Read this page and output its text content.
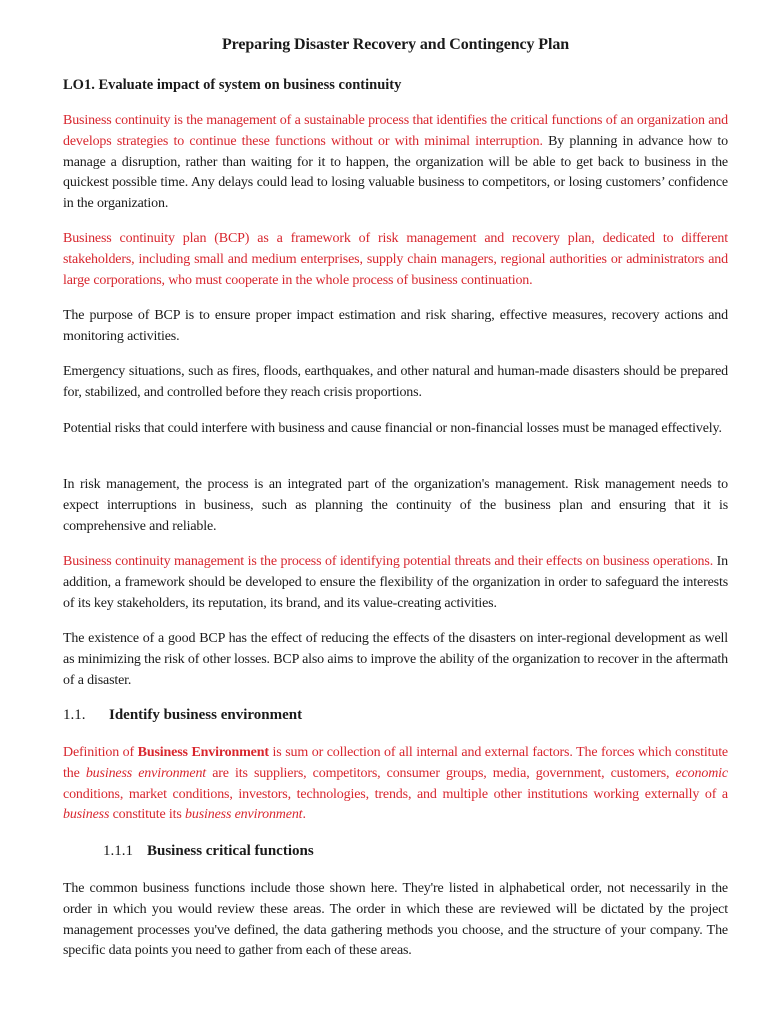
Preparing Disaster Recovery and Contingency Plan
LO1. Evaluate impact of system on business continuity

Business continuity is the management of a sustainable process that identifies the critical functions of an organization and develops strategies to continue these functions without or with minimal interruption. By planning in advance how to manage a disruption, rather than waiting for it to happen, the organization will be able to get back to business in the quickest possible time. Any delays could lead to losing valuable business to competitors, or losing customers’ confidence in the organization.

Business continuity plan (BCP) as a framework of risk management and recovery plan, dedicated to different stakeholders, including small and medium enterprises, supply chain managers, regional authorities or administrators and large corporations, who must cooperate in the whole process of business continuation.

The purpose of BCP is to ensure proper impact estimation and risk sharing, effective measures, recovery actions and monitoring activities.

Emergency situations, such as fires, floods, earthquakes, and other natural and human-made disasters should be prepared for, stabilized, and controlled before they reach crisis proportions.

Potential risks that could interfere with business and cause financial or non-financial losses must be managed effectively.

In risk management, the process is an integrated part of the organization's management. Risk management needs to expect interruptions in business, such as planning the continuity of the business plan and ensuring that it is comprehensive and reliable.

Business continuity management is the process of identifying potential threats and their effects on business operations. In addition, a framework should be developed to ensure the flexibility of the organization in order to safeguard the interests of its key stakeholders, its reputation, its brand, and its value-creating activities.

The existence of a good BCP has the effect of reducing the effects of the disasters on inter-regional development as well as minimizing the risk of other losses. BCP also aims to improve the ability of the organization to recover in the aftermath of a disaster.

1.1. Identify business environment

Definition of Business Environment is sum or collection of all internal and external factors. The forces which constitute the business environment are its suppliers, competitors, consumer groups, media, government, customers, economic conditions, market conditions, investors, technologies, trends, and multiple other institutions working externally of a business constitute its business environment.

1.1.1 Business critical functions

The common business functions include those shown here. They're listed in alphabetical order, not necessarily in the order in which you would review these areas. The order in which these are reviewed will be dictated by the project management processes you've defined, the data gathering methods you choose, and the structure of your company. The specific data points you need to gather from each of these areas.
